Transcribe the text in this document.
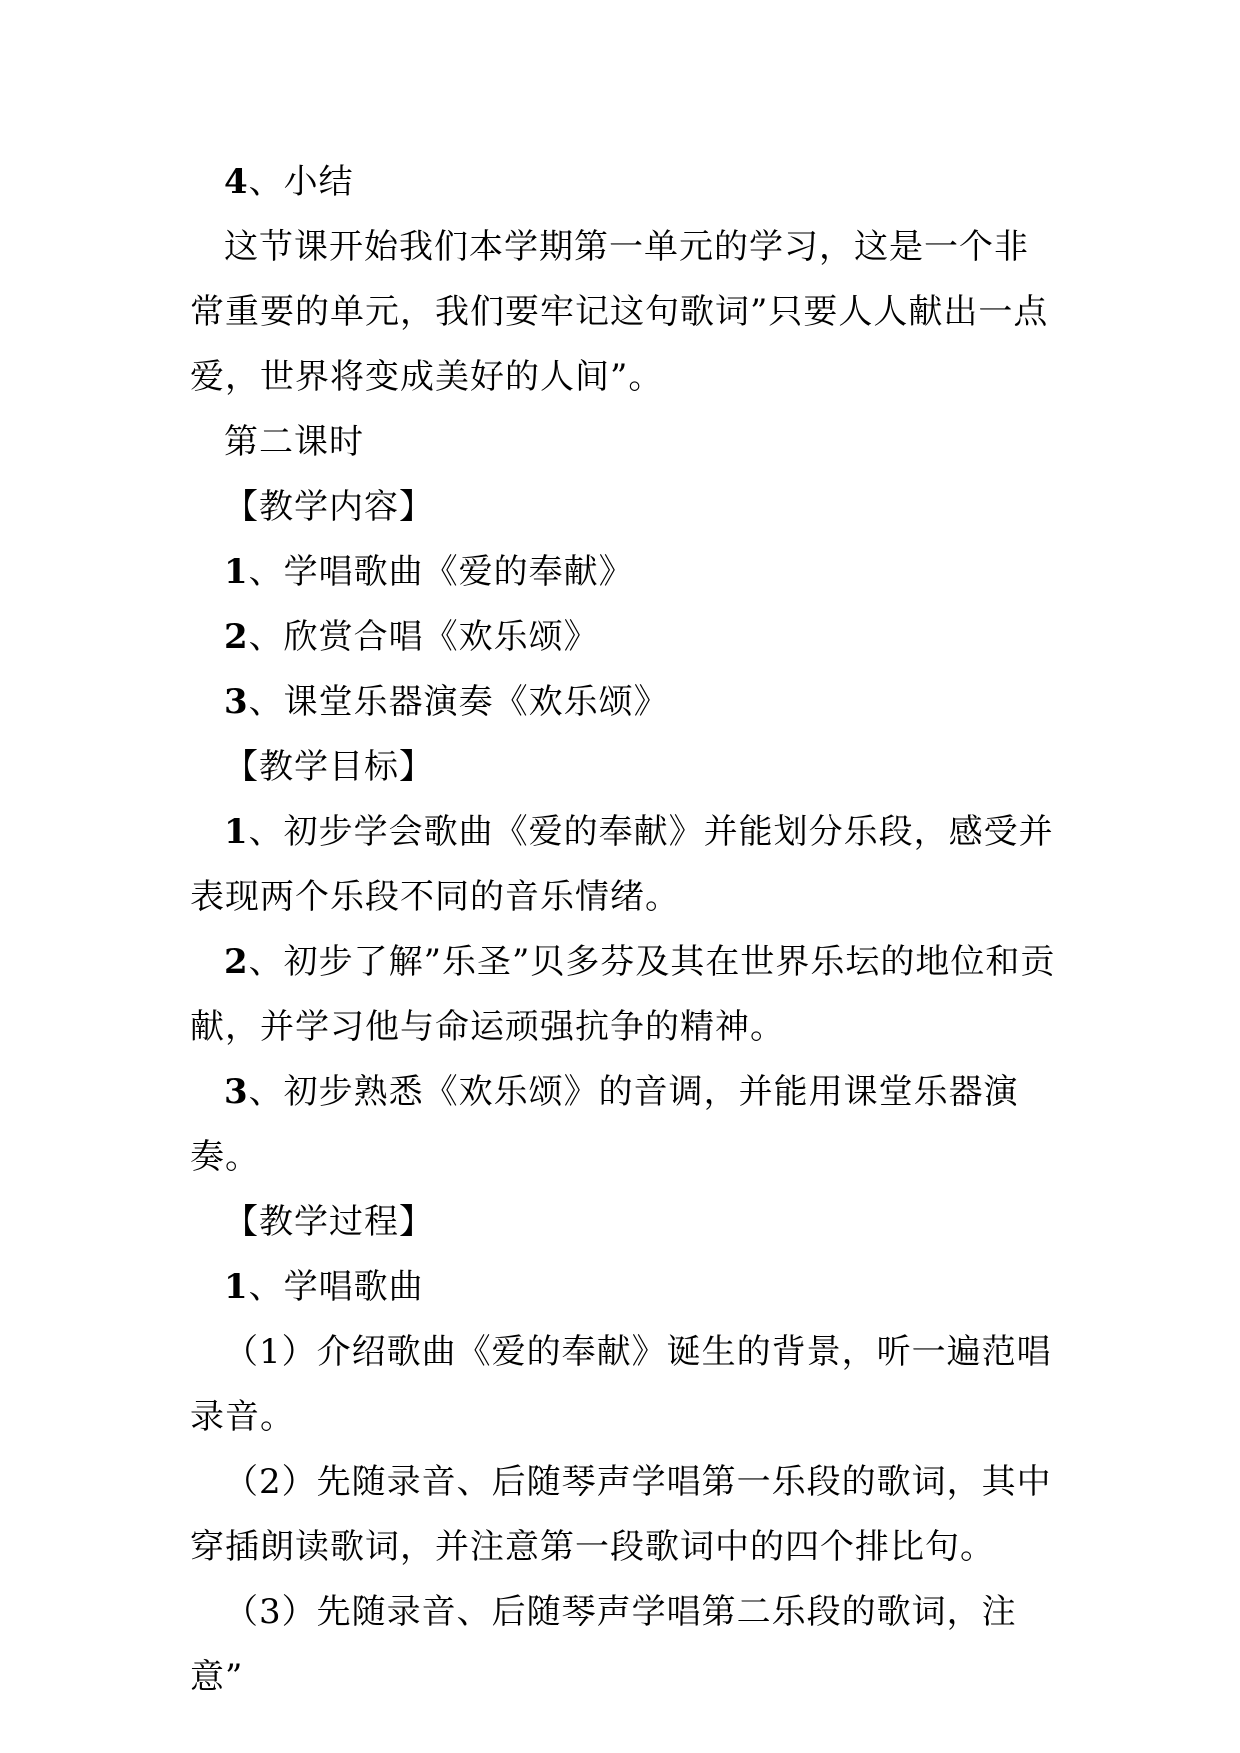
4、小结

这节课开始我们本学期第一单元的学习，这是一个非常重要的单元，我们要牢记这句歌词”只要人人献出一点爱，世界将变成美好的人间”。

第二课时

【教学内容】

1、学唱歌曲《爱的奉献》

2、欣赏合唱《欢乐颂》

3、课堂乐器演奏《欢乐颂》

【教学目标】

1、初步学会歌曲《爱的奉献》并能划分乐段，感受并表现两个乐段不同的音乐情绪。

2、初步了解”乐圣”贝多芬及其在世界乐坛的地位和贡献，并学习他与命运顽强抗争的精神。

3、初步熟悉《欢乐颂》的音调，并能用课堂乐器演奏。

【教学过程】

1、学唱歌曲

（1）介绍歌曲《爱的奉献》诞生的背景，听一遍范唱录音。

（2）先随录音、后随琴声学唱第一乐段的歌词，其中穿插朗读歌词，并注意第一段歌词中的四个排比句。

（3）先随录音、后随琴声学唱第二乐段的歌词，注意”
